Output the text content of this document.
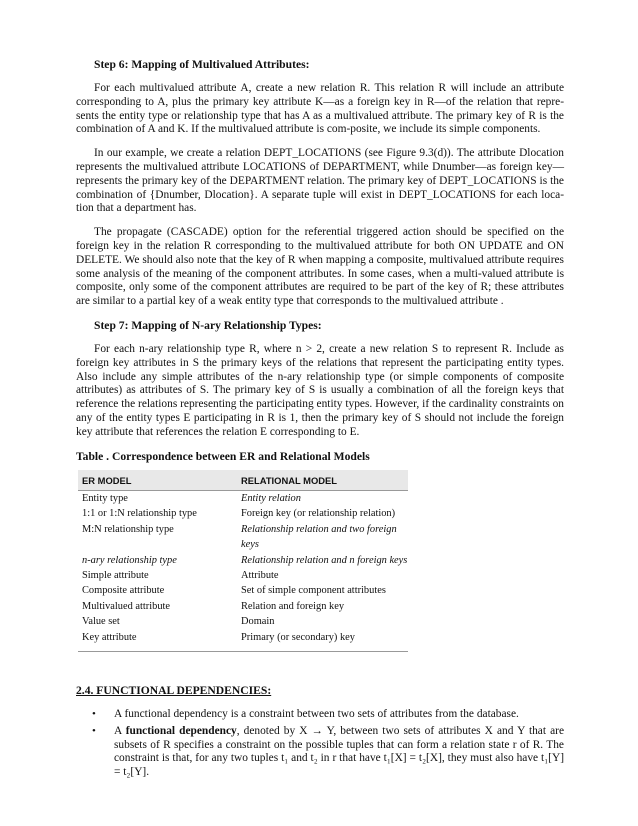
Step 6: Mapping of Multivalued Attributes:

For each multivalued attribute A, create a new relation R. This relation R will include an attribute corresponding to A, plus the primary key attribute K—as a foreign key in R—of the relation that repre-sents the entity type or relationship type that has A as a multivalued attribute. The primary key of R is the combination of A and K. If the multivalued attribute is com-posite, we include its simple components.

In our example, we create a relation DEPT_LOCATIONS (see Figure 9.3(d)). The attribute Dlocation represents the multivalued attribute LOCATIONS of DEPARTMENT, while Dnumber—as foreign key—represents the primary key of the DEPARTMENT relation. The primary key of DEPT_LOCATIONS is the combination of {Dnumber, Dlocation}. A separate tuple will exist in DEPT_LOCATIONS for each loca-tion that a department has.

The propagate (CASCADE) option for the referential triggered action should be specified on the foreign key in the relation R corresponding to the multivalued attribute for both ON UPDATE and ON DELETE. We should also note that the key of R when mapping a composite, multivalued attribute requires some analysis of the meaning of the component attributes. In some cases, when a multi-valued attribute is composite, only some of the component attributes are required to be part of the key of R; these attributes are similar to a partial key of a weak entity type that corresponds to the multivalued attribute .

Step 7: Mapping of N-ary Relationship Types:

For each n-ary relationship type R, where n > 2, create a new relation S to represent R. Include as foreign key attributes in S the primary keys of the relations that represent the participating entity types. Also include any simple attributes of the n-ary relationship type (or simple components of composite attributes) as attributes of S. The primary key of S is usually a combination of all the foreign keys that reference the relations representing the participating entity types. However, if the cardinality constraints on any of the entity types E participating in R is 1, then the primary key of S should not include the foreign key attribute that references the relation E corresponding to E.

Table . Correspondence between ER and Relational Models
ER MODEL	RELATIONAL MODEL
Entity type	Entity relation
1:1 or 1:N relationship type	Foreign key (or relationship relation)
M:N relationship type	Relationship relation and two foreign keys
n-ary relationship type	Relationship relation and n foreign keys
Simple attribute	Attribute
Composite attribute	Set of simple component attributes
Multivalued attribute	Relation and foreign key
Value set	Domain
Key attribute	Primary (or secondary) key
2.4. FUNCTIONAL DEPENDENCIES:
• A functional dependency is a constraint between two sets of attributes from the database.
• A functional dependency, denoted by X → Y, between two sets of attributes X and Y that are subsets of R specifies a constraint on the possible tuples that can form a relation state r of R. The constraint is that, for any two tuples t₁ and t₂ in r that have t₁[X] = t₂[X], they must also have t₁[Y] = t₂[Y].
